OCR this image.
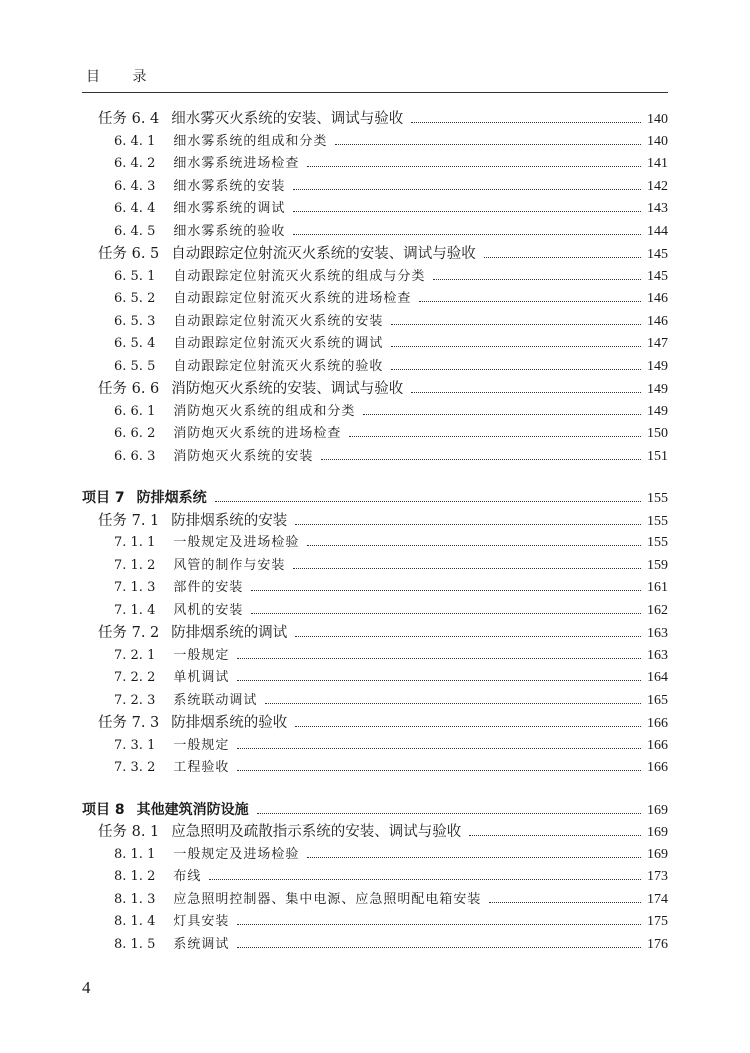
目 录
任务 6. 4 细水雾灭火系统的安装、调试与验收	140
6. 4. 1 细水雾系统的组成和分类	140
6. 4. 2 细水雾系统进场检查	141
6. 4. 3 细水雾系统的安装	142
6. 4. 4 细水雾系统的调试	143
6. 4. 5 细水雾系统的验收	144
任务 6. 5 自动跟踪定位射流灭火系统的安装、调试与验收	145
6. 5. 1 自动跟踪定位射流灭火系统的组成与分类	145
6. 5. 2 自动跟踪定位射流灭火系统的进场检查	146
6. 5. 3 自动跟踪定位射流灭火系统的安装	146
6. 5. 4 自动跟踪定位射流灭火系统的调试	147
6. 5. 5 自动跟踪定位射流灭火系统的验收	149
任务 6. 6 消防炮灭火系统的安装、调试与验收	149
6. 6. 1 消防炮灭火系统的组成和分类	149
6. 6. 2 消防炮灭火系统的进场检查	150
6. 6. 3 消防炮灭火系统的安装	151
项目 7 防排烟系统	155
任务 7. 1 防排烟系统的安装	155
7. 1. 1 一般规定及进场检验	155
7. 1. 2 风管的制作与安装	159
7. 1. 3 部件的安装	161
7. 1. 4 风机的安装	162
任务 7. 2 防排烟系统的调试	163
7. 2. 1 一般规定	163
7. 2. 2 单机调试	164
7. 2. 3 系统联动调试	165
任务 7. 3 防排烟系统的验收	166
7. 3. 1 一般规定	166
7. 3. 2 工程验收	166
项目 8 其他建筑消防设施	169
任务 8. 1 应急照明及疏散指示系统的安装、调试与验收	169
8. 1. 1 一般规定及进场检验	169
8. 1. 2 布线	173
8. 1. 3 应急照明控制器、集中电源、应急照明配电箱安装	174
8. 1. 4 灯具安装	175
8. 1. 5 系统调试	176
4
